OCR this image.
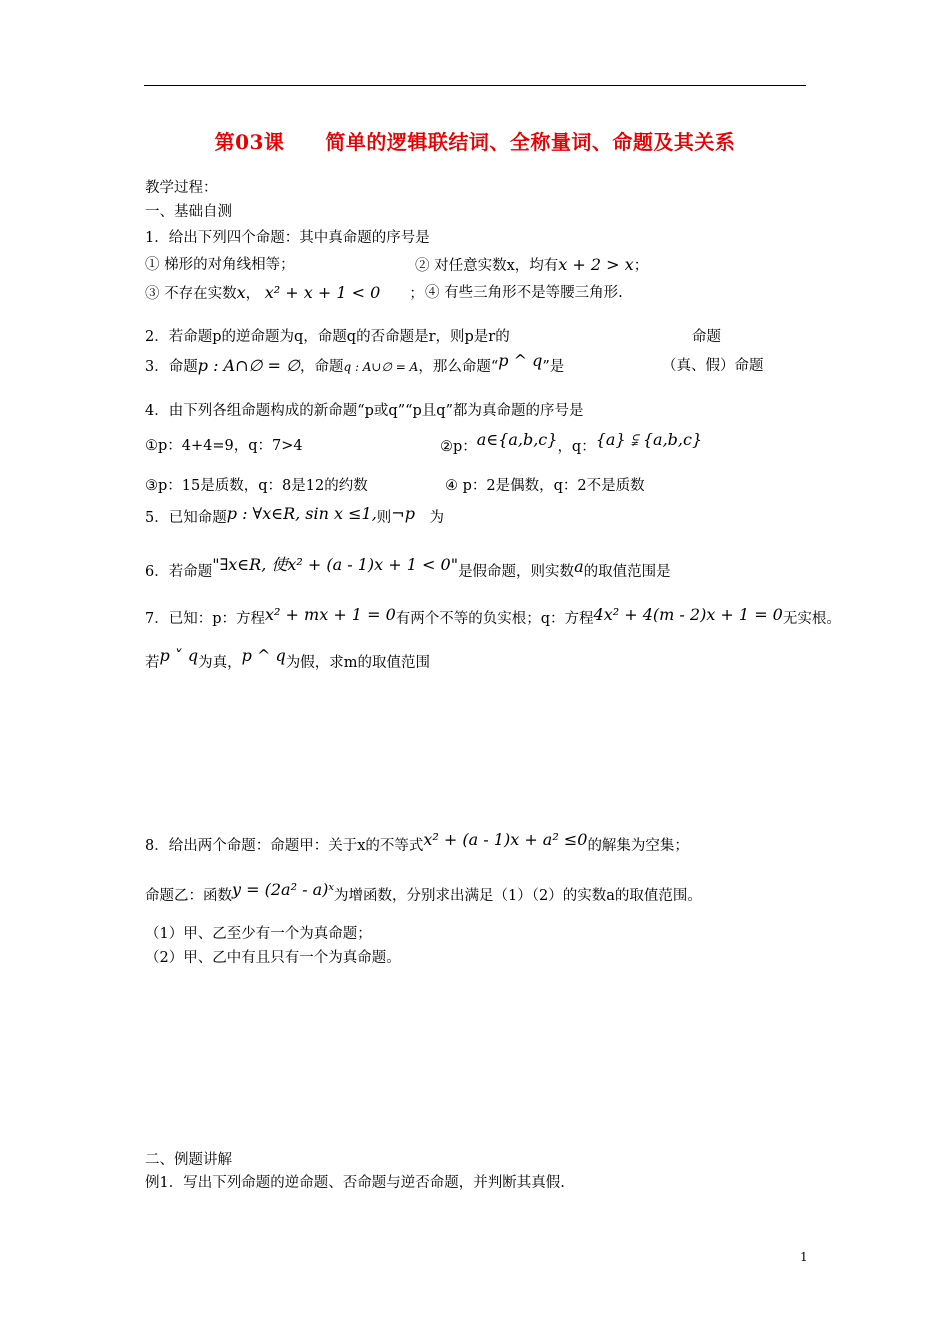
第03课　　简单的逻辑联结词、全称量词、命题及其关系
教学过程：
一、基础自测
1．给出下列四个命题：其中真命题的序号是
① 梯形的对角线相等；	② 对任意实数x，均有x + 2 > x；
③ 不存在实数x， x² + x + 1 < 0　　 ； ④ 有些三角形不是等腰三角形.
2．若命题p的逆命题为q，命题q的否命题是r，则p是r的	命题
3．命题p : A∩∅ = ∅，命题q : A∪∅ = A，那么命题“p ^ q”是	（真、假）命题
4．由下列各组命题构成的新命题“p或q”“p且q”都为真命题的序号是
①p：4+4=9，q：7>4	②p：a∈{a,b,c}，q：{a} ⫋ {a,b,c}
③p：15是质数，q：8是12的约数	④ p：2是偶数，q：2不是质数
5．已知命题p : ∀x∈R, sin x ≤1,则¬p　 为
6．若命题"∃x∈R, 使x² + (a - 1)x + 1 < 0"是假命题，则实数a的取值范围是
7．已知：p：方程x² + mx + 1 = 0有两个不等的负实根；q：方程4x² + 4(m - 2)x + 1 = 0无实根。
若p ˅ q为真，p ^ q为假，求m的取值范围
8．给出两个命题：命题甲：关于x的不等式x² + (a - 1)x + a² ≤0的解集为空集；
命题乙：函数y = (2a² - a)ˣ为增函数，分别求出满足（1）（2）的实数a的取值范围。
（1）甲、乙至少有一个为真命题；
（2）甲、乙中有且只有一个为真命题。
二、例题讲解
例1．写出下列命题的逆命题、否命题与逆否命题，并判断其真假.
1
